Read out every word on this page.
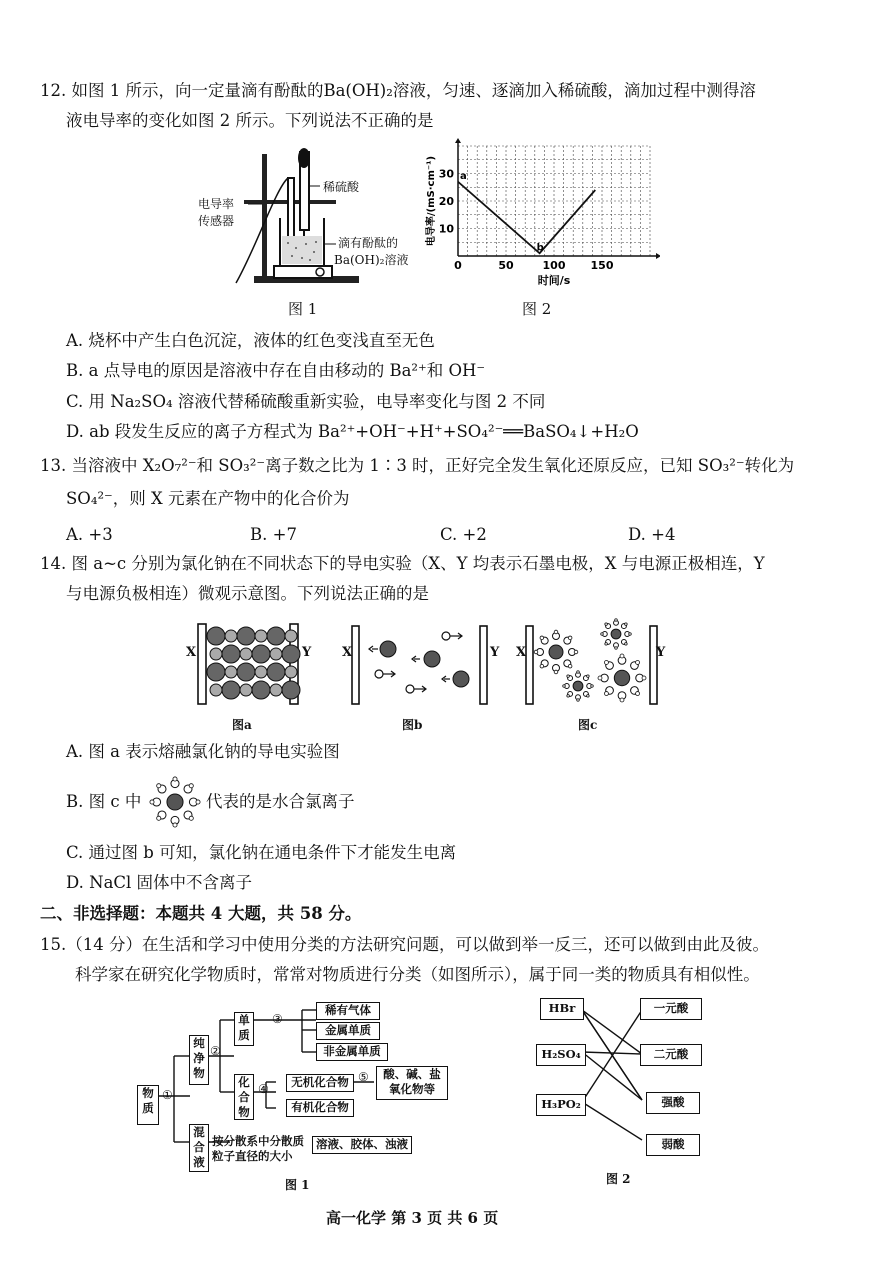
12. 如图 1 所示，向一定量滴有酚酞的Ba(OH)₂溶液，匀速、逐滴加入稀硫酸，滴加过程中测得溶
液电导率的变化如图 2 所示。下列说法不正确的是
电导率
传感器
稀硫酸
滴有酚酞的
Ba(OH)₂溶液
图 1
0	50	100 150
10
20
30 a
b
时间/s
电导率/(mS·cm⁻¹)
图 2
A. 烧杯中产生白色沉淀，液体的红色变浅直至无色
B. a 点导电的原因是溶液中存在自由移动的 Ba²⁺和 OH⁻
C. 用 Na₂SO₄ 溶液代替稀硫酸重新实验，电导率变化与图 2 不同
D. ab 段发生反应的离子方程式为 Ba²⁺+OH⁻+H⁺+SO₄²⁻══BaSO₄↓+H₂O
13. 当溶液中 X₂O₇²⁻和 SO₃²⁻离子数之比为 1∶3 时，正好完全发生氧化还原反应，已知 SO₃²⁻转化为
SO₄²⁻，则 X 元素在产物中的化合价为
A. +3	B. +7	C. +2	D. +4
14. 图 a~c 分别为氯化钠在不同状态下的导电实验（X、Y 均表示石墨电极，X 与电源正极相连，Y
与电源负极相连）微观示意图。下列说法正确的是
X	Y X	Y X	Y
图a	图b	图c
A. 图 a 表示熔融氯化钠的导电实验图
B. 图 c 中	代表的是水合氯离子
C. 通过图 b 可知，氯化钠在通电条件下才能发生电离
D. NaCl 固体中不含离子
二、非选择题：本题共 4 大题，共 58 分。
15.（14 分）在生活和学习中使用分类的方法研究问题，可以做到举一反三，还可以做到由此及彼。
科学家在研究化学物质时，常常对物质进行分类（如图所示），属于同一类的物质具有相似性。
物质
①
纯净物
②
混合液
单质
③
稀有气体
金属单质
非金属单质
化合物
④	无机化合物 ⑤	酸、碱、盐
氧化物等
有机化合物
按分散系中分散质
粒子直径的大小
溶液、胶体、浊液
图 1
HBr
H₂SO₄
H₃PO₂
一元酸
二元酸
强酸
弱酸
图 2
高一化学 第 3 页 共 6 页
